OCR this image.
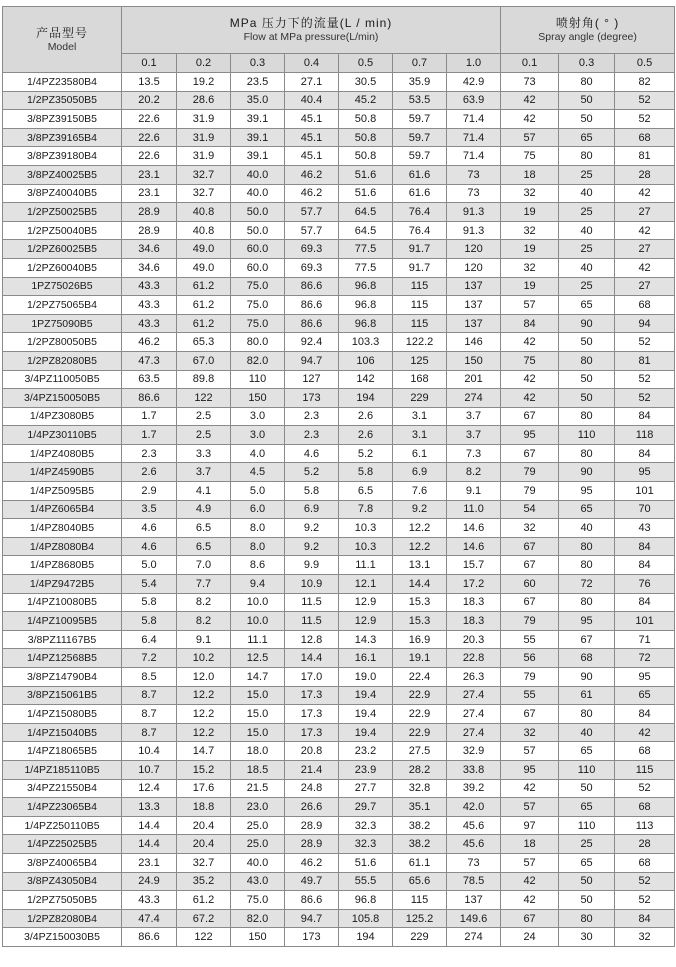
产品型号
Model	MPa 压力下的流量(L / min)
Flow at MPa pressure(L/min)							喷射角( ° )
Spray angle (degree)		

	0.1	0.2	0.3	0.4	0.5	0.7	1.0	0.1	0.3	0.5
1/4PZ23580B4	13.5	19.2	23.5	27.1	30.5	35.9	42.9	73	80	82
1/2PZ35050B5	20.2	28.6	35.0	40.4	45.2	53.5	63.9	42	50	52
3/8PZ39150B5	22.6	31.9	39.1	45.1	50.8	59.7	71.4	42	50	52
3/8PZ39165B4	22.6	31.9	39.1	45.1	50.8	59.7	71.4	57	65	68
3/8PZ39180B4	22.6	31.9	39.1	45.1	50.8	59.7	71.4	75	80	81
3/8PZ40025B5	23.1	32.7	40.0	46.2	51.6	61.6	73	18	25	28
3/8PZ40040B5	23.1	32.7	40.0	46.2	51.6	61.6	73	32	40	42
1/2PZ50025B5	28.9	40.8	50.0	57.7	64.5	76.4	91.3	19	25	27
1/2PZ50040B5	28.9	40.8	50.0	57.7	64.5	76.4	91.3	32	40	42
1/2PZ60025B5	34.6	49.0	60.0	69.3	77.5	91.7	120	19	25	27
1/2PZ60040B5	34.6	49.0	60.0	69.3	77.5	91.7	120	32	40	42
1PZ75026B5	43.3	61.2	75.0	86.6	96.8	115	137	19	25	27
1/2PZ75065B4	43.3	61.2	75.0	86.6	96.8	115	137	57	65	68
1PZ75090B5	43.3	61.2	75.0	86.6	96.8	115	137	84	90	94
1/2PZ80050B5	46.2	65.3	80.0	92.4	103.3	122.2	146	42	50	52
1/2PZ82080B5	47.3	67.0	82.0	94.7	106	125	150	75	80	81
3/4PZ110050B5	63.5	89.8	110	127	142	168	201	42	50	52
3/4PZ150050B5	86.6	122	150	173	194	229	274	42	50	52
1/4PZ3080B5	1.7	2.5	3.0	2.3	2.6	3.1	3.7	67	80	84
1/4PZ30110B5	1.7	2.5	3.0	2.3	2.6	3.1	3.7	95	110	118
1/4PZ4080B5	2.3	3.3	4.0	4.6	5.2	6.1	7.3	67	80	84
1/4PZ4590B5	2.6	3.7	4.5	5.2	5.8	6.9	8.2	79	90	95
1/4PZ5095B5	2.9	4.1	5.0	5.8	6.5	7.6	9.1	79	95	101
1/4PZ6065B4	3.5	4.9	6.0	6.9	7.8	9.2	11.0	54	65	70
1/4PZ8040B5	4.6	6.5	8.0	9.2	10.3	12.2	14.6	32	40	43
1/4PZ8080B4	4.6	6.5	8.0	9.2	10.3	12.2	14.6	67	80	84
1/4PZ8680B5	5.0	7.0	8.6	9.9	11.1	13.1	15.7	67	80	84
1/4PZ9472B5	5.4	7.7	9.4	10.9	12.1	14.4	17.2	60	72	76
1/4PZ10080B5	5.8	8.2	10.0	11.5	12.9	15.3	18.3	67	80	84
1/4PZ10095B5	5.8	8.2	10.0	11.5	12.9	15.3	18.3	79	95	101
3/8PZ11167B5	6.4	9.1	11.1	12.8	14.3	16.9	20.3	55	67	71
1/4PZ12568B5	7.2	10.2	12.5	14.4	16.1	19.1	22.8	56	68	72
3/8PZ14790B4	8.5	12.0	14.7	17.0	19.0	22.4	26.3	79	90	95
3/8PZ15061B5	8.7	12.2	15.0	17.3	19.4	22.9	27.4	55	61	65
1/4PZ15080B5	8.7	12.2	15.0	17.3	19.4	22.9	27.4	67	80	84
1/4PZ15040B5	8.7	12.2	15.0	17.3	19.4	22.9	27.4	32	40	42
1/4PZ18065B5	10.4	14.7	18.0	20.8	23.2	27.5	32.9	57	65	68
1/4PZ185110B5	10.7	15.2	18.5	21.4	23.9	28.2	33.8	95	110	115
3/4PZ21550B4	12.4	17.6	21.5	24.8	27.7	32.8	39.2	42	50	52
1/4PZ23065B4	13.3	18.8	23.0	26.6	29.7	35.1	42.0	57	65	68
1/4PZ250110B5	14.4	20.4	25.0	28.9	32.3	38.2	45.6	97	110	113
1/4PZ25025B5	14.4	20.4	25.0	28.9	32.3	38.2	45.6	18	25	28
3/8PZ40065B4	23.1	32.7	40.0	46.2	51.6	61.1	73	57	65	68
3/8PZ43050B4	24.9	35.2	43.0	49.7	55.5	65.6	78.5	42	50	52
1/2PZ75050B5	43.3	61.2	75.0	86.6	96.8	115	137	42	50	52
1/2PZ82080B4	47.4	67.2	82.0	94.7	105.8	125.2	149.6	67	80	84
3/4PZ150030B5	86.6	122	150	173	194	229	274	24	30	32
